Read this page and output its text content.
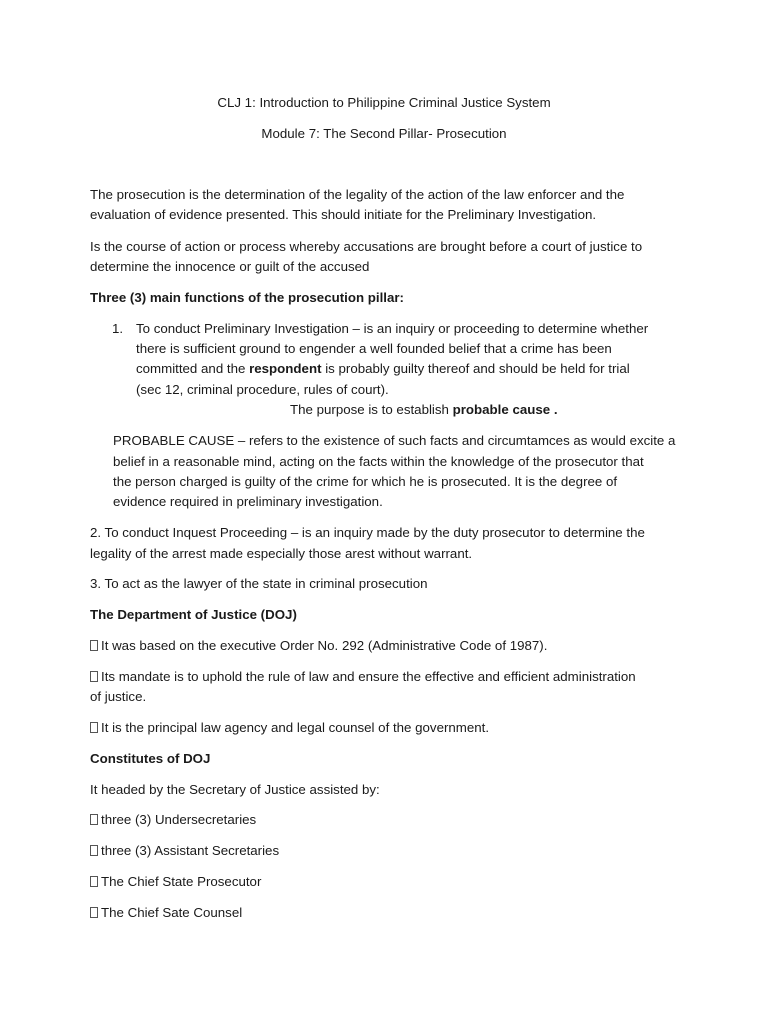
CLJ 1: Introduction to Philippine Criminal Justice System
Module 7: The Second Pillar- Prosecution
The prosecution is the determination of the legality of the action of the law enforcer and the
evaluation of evidence presented. This should initiate for the Preliminary Investigation.
Is the course of action or process whereby accusations are brought before a court of justice to
determine the innocence or guilt of the accused
Three (3) main functions of the prosecution pillar:
1. To conduct Preliminary Investigation – is an inquiry or proceeding to determine whether
there is sufficient ground to engender a well founded belief that a crime has been
committed and the respondent is probably guilty thereof and should be held for trial
(sec 12, criminal procedure, rules of court).
The purpose is to establish probable cause .
PROBABLE CAUSE – refers to the existence of such facts and circumtamces as would excite a
belief in a reasonable mind, acting on the facts within the knowledge of the prosecutor that
the person charged is guilty of the crime for which he is prosecuted. It is the degree of
evidence required in preliminary investigation.
2. To conduct Inquest Proceeding – is an inquiry made by the duty prosecutor to determine the
legality of the arrest made especially those arest without warrant.
3. To act as the lawyer of the state in criminal prosecution
The Department of Justice (DOJ)
It was based on the executive Order No. 292 (Administrative Code of 1987).
Its mandate is to uphold the rule of law and ensure the effective and efficient administration
of justice.
It is the principal law agency and legal counsel of the government.
Constitutes of DOJ
It headed by the Secretary of Justice assisted by:
three (3) Undersecretaries
three (3) Assistant Secretaries
The Chief State Prosecutor
The Chief Sate Counsel
